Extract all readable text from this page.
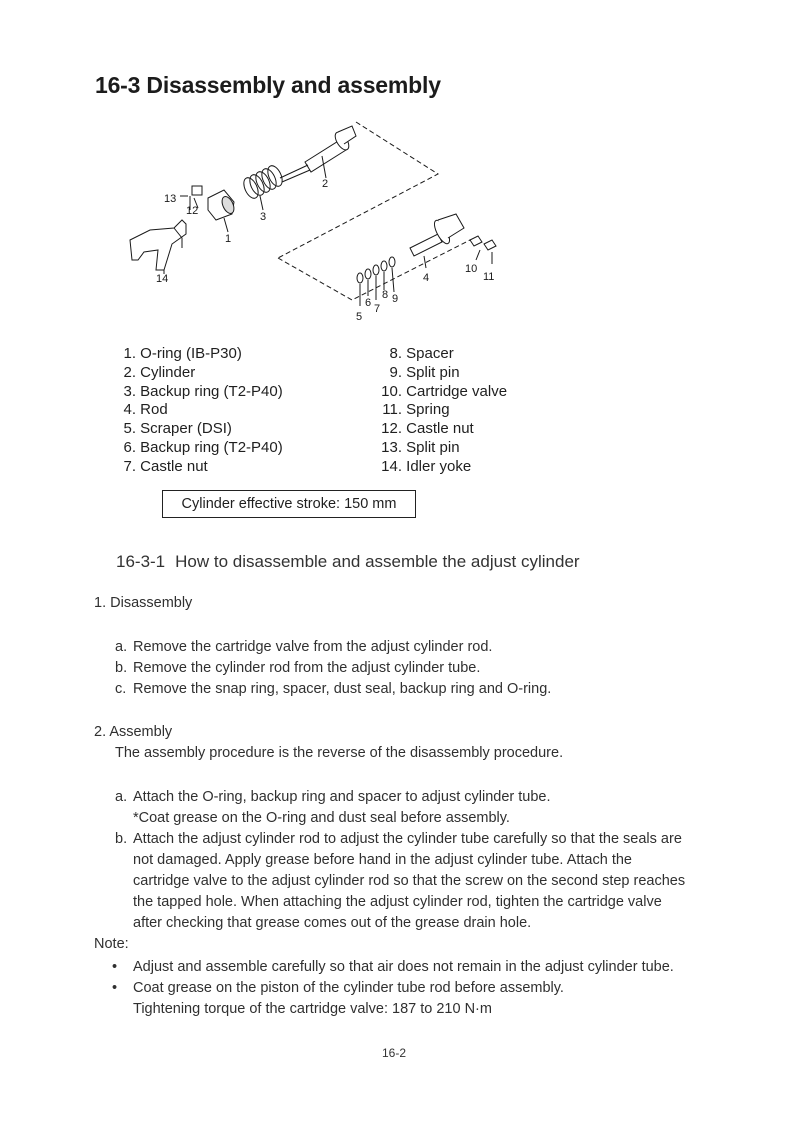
16-3 Disassembly and assembly
2
3
1
13
12
14	4
10
11
5
6 7
8 9
1. O-ring (IB-P30)
2. Cylinder
3. Backup ring (T2-P40)
4. Rod
5. Scraper (DSI)
6. Backup ring (T2-P40)
7. Castle nut
8. Spacer
9. Split pin
10. Cartridge valve
11. Spring
12. Castle nut
13. Split pin
14. Idler yoke
Cylinder effective stroke: 150 mm
16-3-1 How to disassemble and assemble the adjust cylinder
1. Disassembly
a. Remove the cartridge valve from the adjust cylinder rod.
b. Remove the cylinder rod from the adjust cylinder tube.
c. Remove the snap ring, spacer, dust seal, backup ring and O-ring.
2. Assembly
The assembly procedure is the reverse of the disassembly procedure.
a. Attach the O-ring, backup ring and spacer to adjust cylinder tube.
*Coat grease on the O-ring and dust seal before assembly.
b. Attach the adjust cylinder rod to adjust the cylinder tube carefully so that the seals are
not damaged. Apply grease before hand in the adjust cylinder tube. Attach the
cartridge valve to the adjust cylinder rod so that the screw on the second step reaches
the tapped hole. When attaching the adjust cylinder rod, tighten the cartridge valve
after checking that grease comes out of the grease drain hole.
Note:
• Adjust and assemble carefully so that air does not remain in the adjust cylinder tube.
• Coat grease on the piston of the cylinder tube rod before assembly.
Tightening torque of the cartridge valve: 187 to 210 N·m
16-2
